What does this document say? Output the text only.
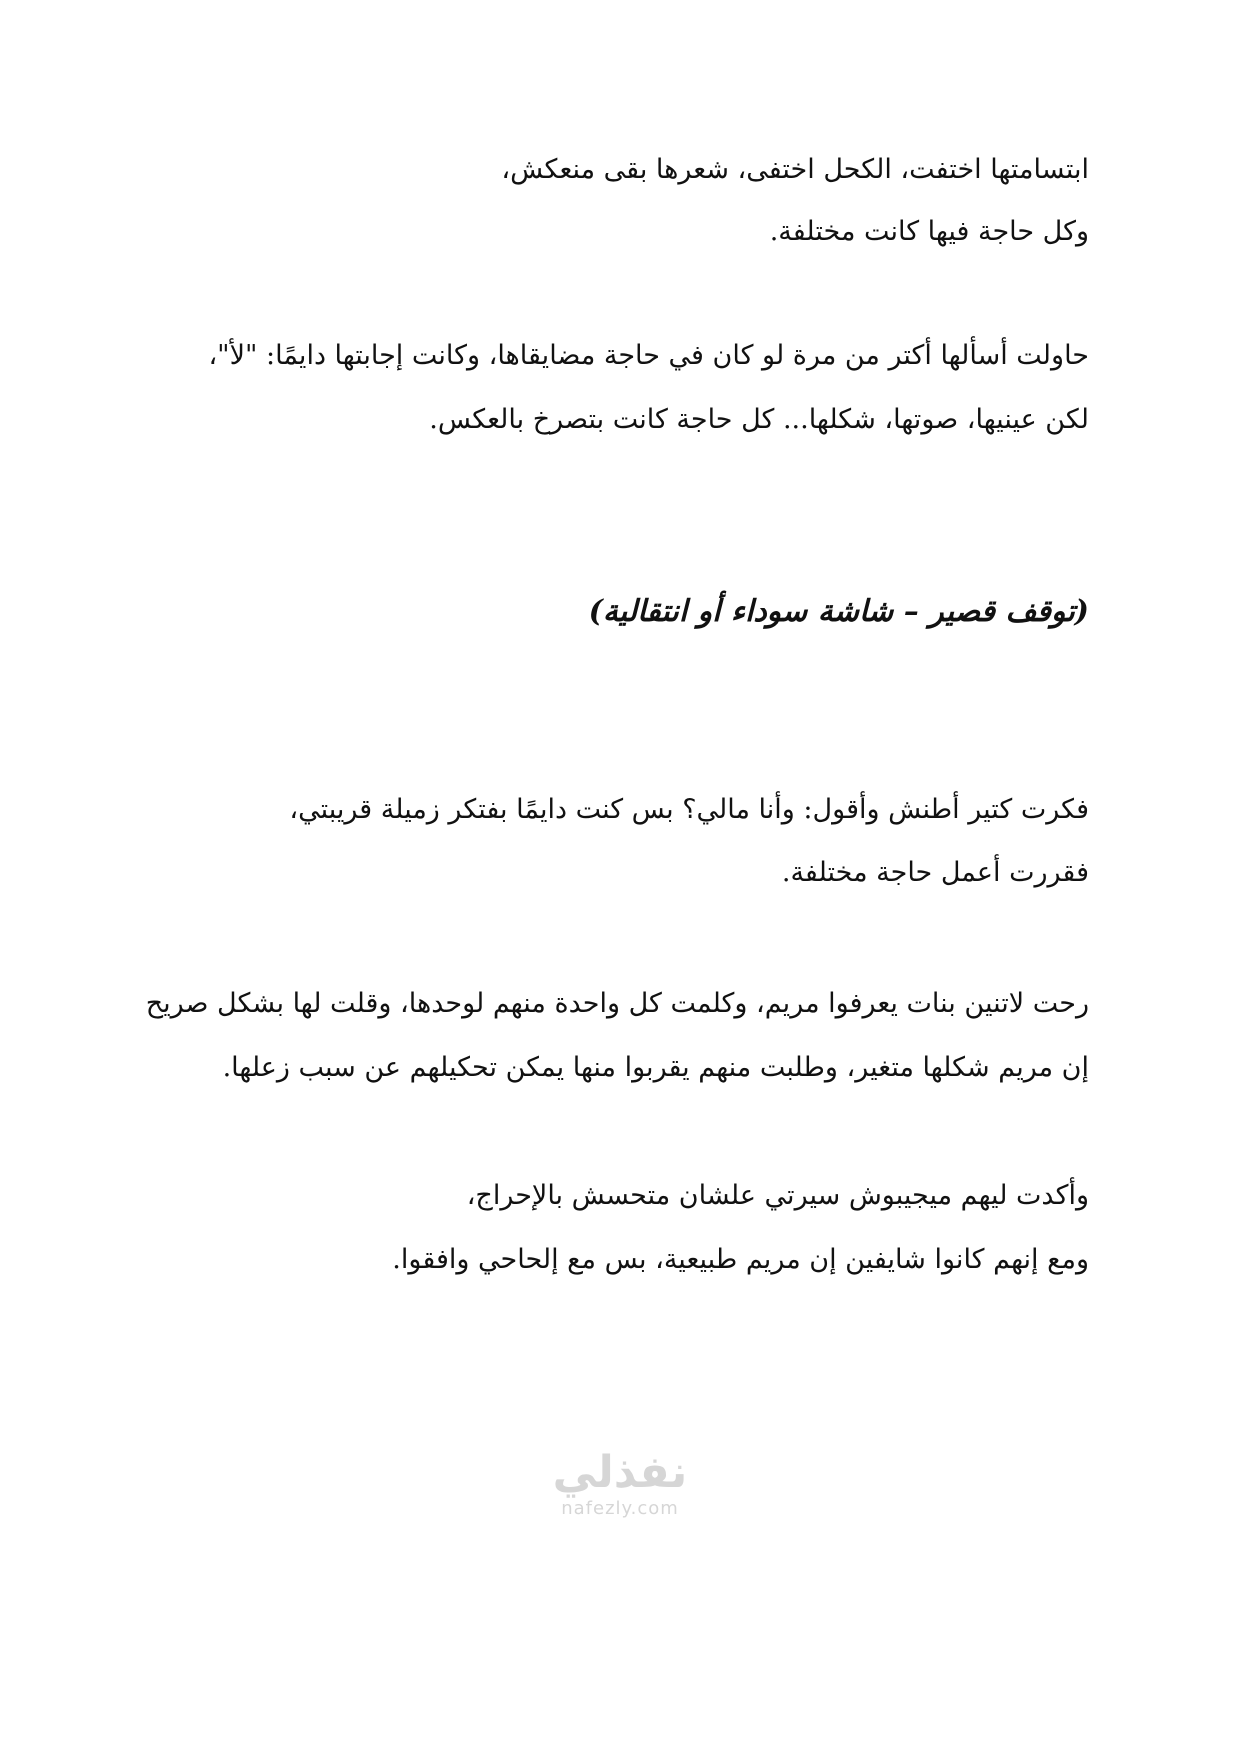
ابتسامتها اختفت، الكحل اختفى، شعرها بقى منعكش،
وكل حاجة فيها كانت مختلفة.
حاولت أسألها أكتر من مرة لو كان في حاجة مضايقاها، وكانت إجابتها دايمًا: "لأ"،
لكن عينيها، صوتها، شكلها... كل حاجة كانت بتصرخ بالعكس.
(توقف قصير – شاشة سوداء أو انتقالية)
فكرت كتير أطنش وأقول: وأنا مالي؟ بس كنت دايمًا بفتكر زميلة قريبتي،
فقررت أعمل حاجة مختلفة.
رحت لاتنين بنات يعرفوا مريم، وكلمت كل واحدة منهم لوحدها، وقلت لها بشكل صريح
إن مريم شكلها متغير، وطلبت منهم يقربوا منها يمكن تحكيلهم عن سبب زعلها.
وأكدت ليهم ميجيبوش سيرتي علشان متحسش بالإحراج،
ومع إنهم كانوا شايفين إن مريم طبيعية، بس مع إلحاحي وافقوا.
نفذلي
nafezly.com
